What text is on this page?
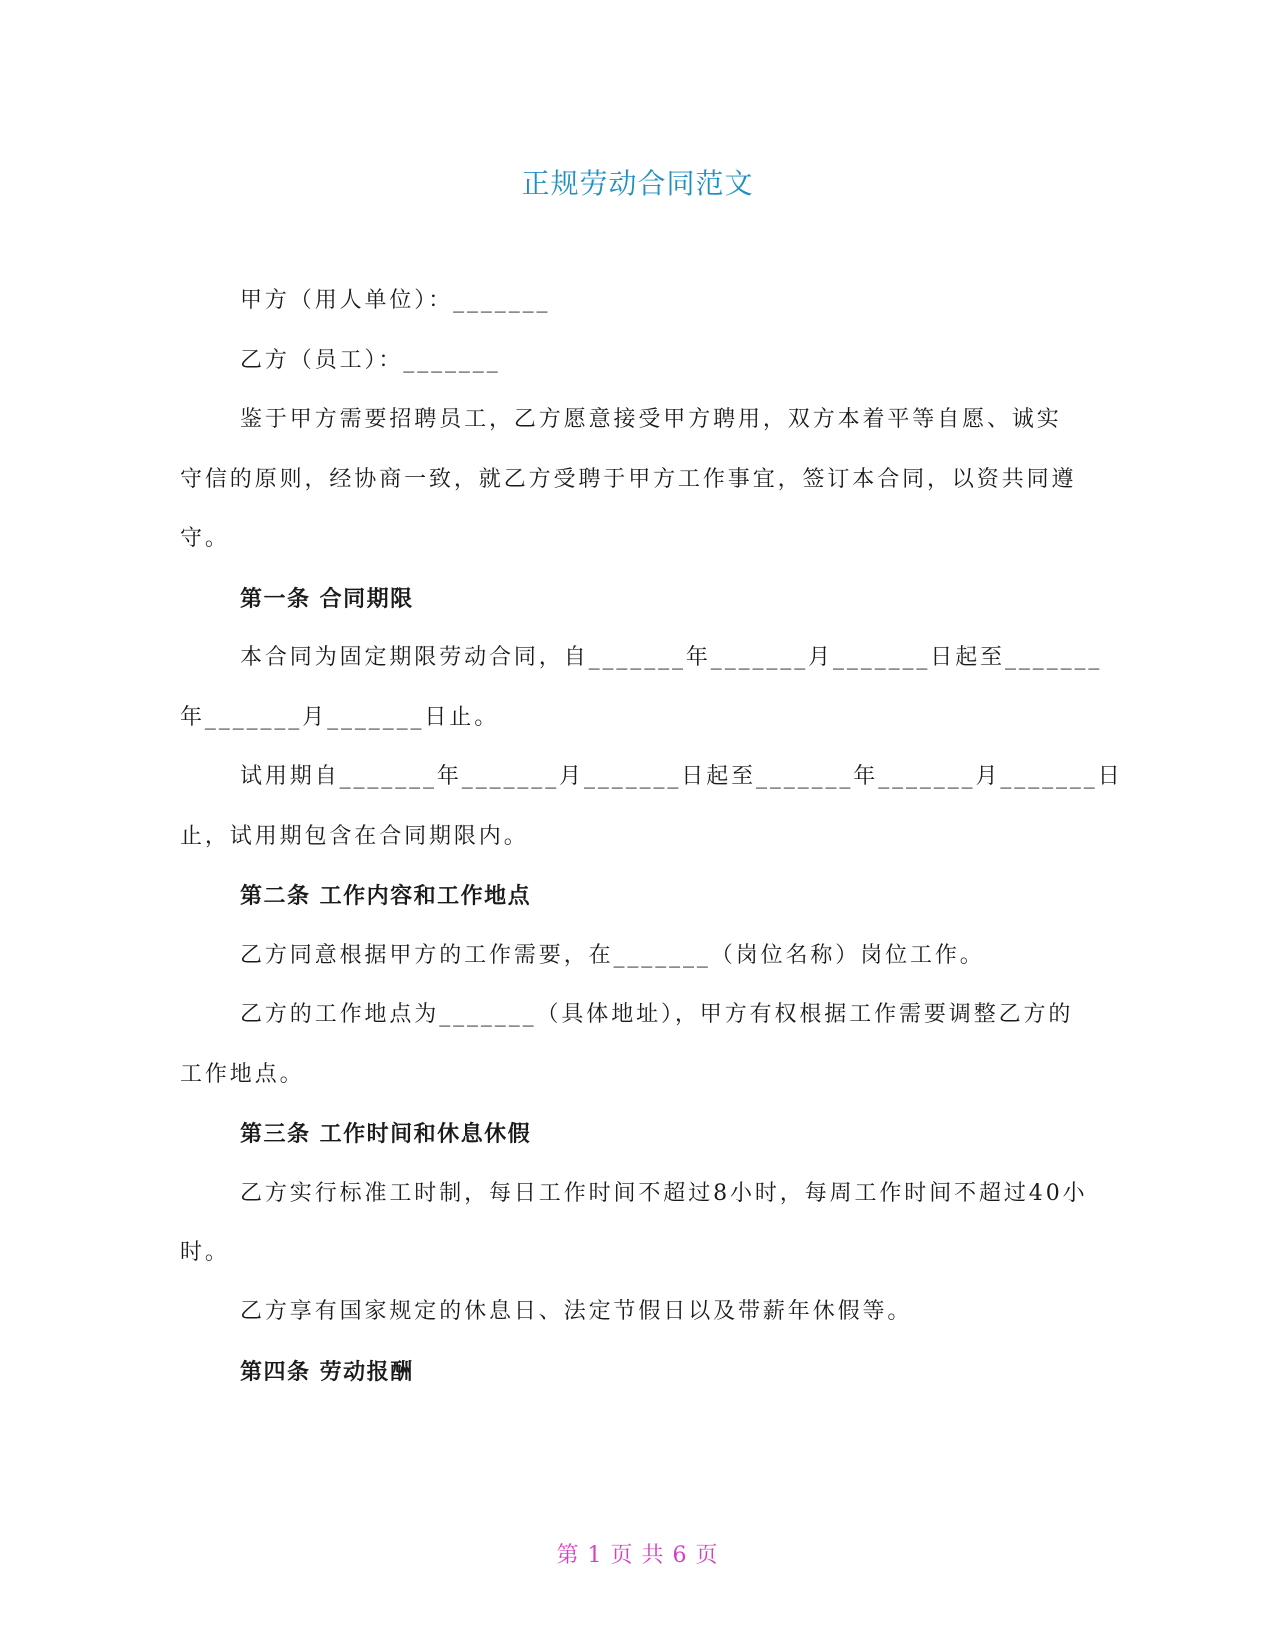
正规劳动合同范文
甲方（用人单位）：_______
乙方（员工）：_______
鉴于甲方需要招聘员工，乙方愿意接受甲方聘用，双方本着平等自愿、诚实
守信的原则，经协商一致，就乙方受聘于甲方工作事宜，签订本合同，以资共同遵
守。
第一条 合同期限
本合同为固定期限劳动合同，自_______年_______月_______日起至_______
年_______月_______日止。
试用期自_______年_______月_______日起至_______年_______月_______日
止，试用期包含在合同期限内。
第二条 工作内容和工作地点
乙方同意根据甲方的工作需要，在_______（岗位名称）岗位工作。
乙方的工作地点为_______（具体地址），甲方有权根据工作需要调整乙方的
工作地点。
第三条 工作时间和休息休假
乙方实行标准工时制，每日工作时间不超过8小时，每周工作时间不超过40小
时。
乙方享有国家规定的休息日、法定节假日以及带薪年休假等。
第四条 劳动报酬
第 1 页 共 6 页
